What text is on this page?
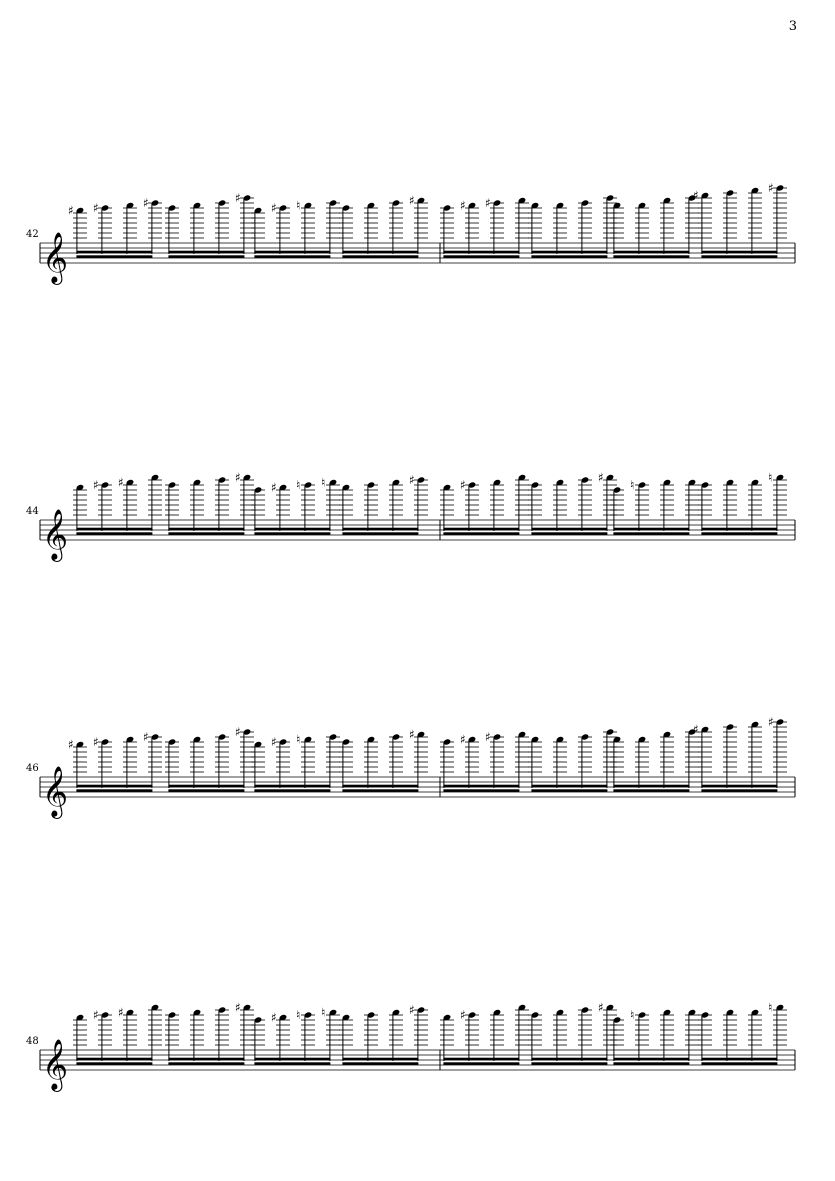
3
𝄞
42
♯ ♯	♯	♯
♯ ♮	♯	♯ ♯
♯
♯
𝄞
44
♯ ♯	♯
♯ ♮ ♮	♯	♯
♯
♮
♮
𝄞
46
♯ ♯	♯	♯
♯ ♮	♯	♯ ♯
♯
♯
𝄞
48
♯ ♯	♯
♯ ♮ ♮	♯	♯
♯
♮
♮
